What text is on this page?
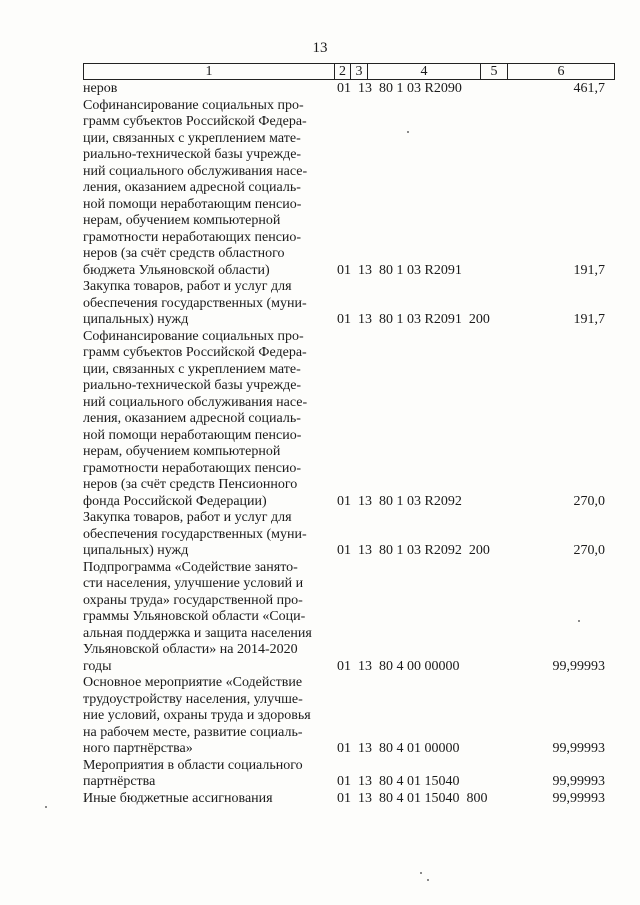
13
1	2 3	4	5	6
неров	01  13  80 1 03 R2090	461,7
Софинансирование социальных про-
грамм субъектов Российской Федера-
ции, связанных с укреплением мате-
риально-технической базы учрежде-
ний социального обслуживания насе-
ления, оказанием адресной социаль-
ной помощи неработающим пенсио-
нерам, обучением компьютерной
грамотности неработающих пенсио-
неров (за счёт средств областного
бюджета Ульяновской области)	01  13  80 1 03 R2091	191,7
Закупка товаров, работ и услуг для
обеспечения государственных (муни-
ципальных) нужд	01  13  80 1 03 R2091  200	191,7
Софинансирование социальных про-
грамм субъектов Российской Федера-
ции, связанных с укреплением мате-
риально-технической базы учрежде-
ний социального обслуживания насе-
ления, оказанием адресной социаль-
ной помощи неработающим пенсио-
нерам, обучением компьютерной
грамотности неработающих пенсио-
неров (за счёт средств Пенсионного
фонда Российской Федерации)	01  13  80 1 03 R2092	270,0
Закупка товаров, работ и услуг для
обеспечения государственных (муни-
ципальных) нужд	01  13  80 1 03 R2092  200	270,0
Подпрограмма «Содействие занято-
сти населения, улучшение условий и
охраны труда» государственной про-
граммы Ульяновской области «Соци-
альная поддержка и защита населения
Ульяновской области» на 2014-2020
годы	01  13  80 4 00 00000	99,99993
Основное мероприятие «Содействие
трудоустройству населения, улучше-
ние условий, охраны труда и здоровья
на рабочем месте, развитие социаль-
ного партнёрства»	01  13  80 4 01 00000	99,99993
Мероприятия в области социального
партнёрства	01  13  80 4 01 15040	99,99993
Иные бюджетные ассигнования	01  13  80 4 01 15040  800	99,99993
